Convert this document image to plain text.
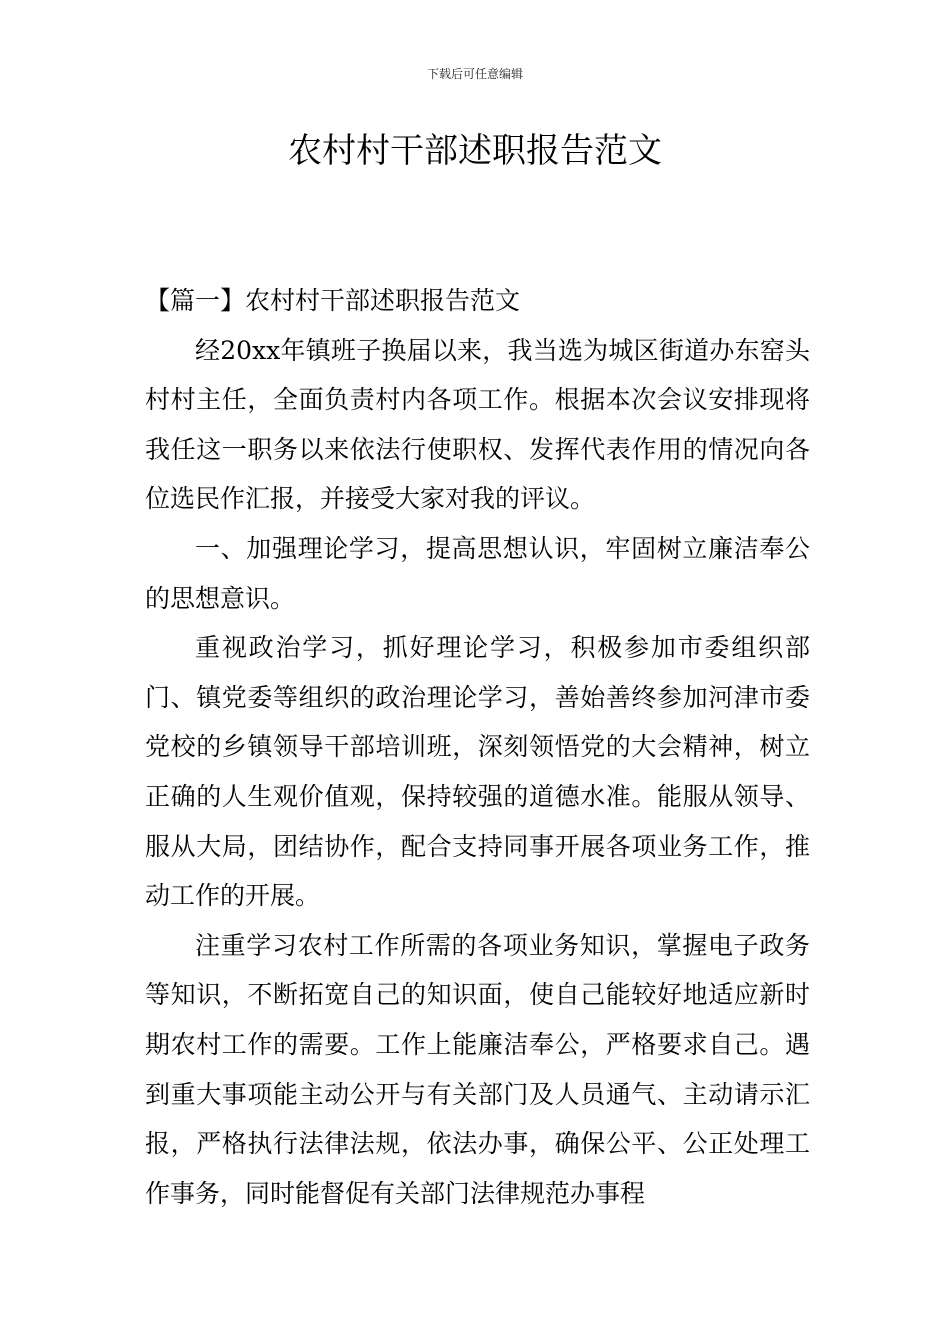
下载后可任意编辑
农村村干部述职报告范文

【篇一】农村村干部述职报告范文

经20xx年镇班子换届以来，我当选为城区街道办东窑头村村主任，全面负责村内各项工作。根据本次会议安排现将我任这一职务以来依法行使职权、发挥代表作用的情况向各位选民作汇报，并接受大家对我的评议。

一、加强理论学习，提高思想认识，牢固树立廉洁奉公的思想意识。

重视政治学习，抓好理论学习，积极参加市委组织部门、镇党委等组织的政治理论学习，善始善终参加河津市委党校的乡镇领导干部培训班，深刻领悟党的大会精神，树立正确的人生观价值观，保持较强的道德水准。能服从领导、服从大局，团结协作，配合支持同事开展各项业务工作，推动工作的开展。

注重学习农村工作所需的各项业务知识，掌握电子政务等知识，不断拓宽自己的知识面，使自己能较好地适应新时期农村工作的需要。工作上能廉洁奉公，严格要求自己。遇到重大事项能主动公开与有关部门及人员通气、主动请示汇报，严格执行法律法规，依法办事，确保公平、公正处理工作事务，同时能督促有关部门法律规范办事程
